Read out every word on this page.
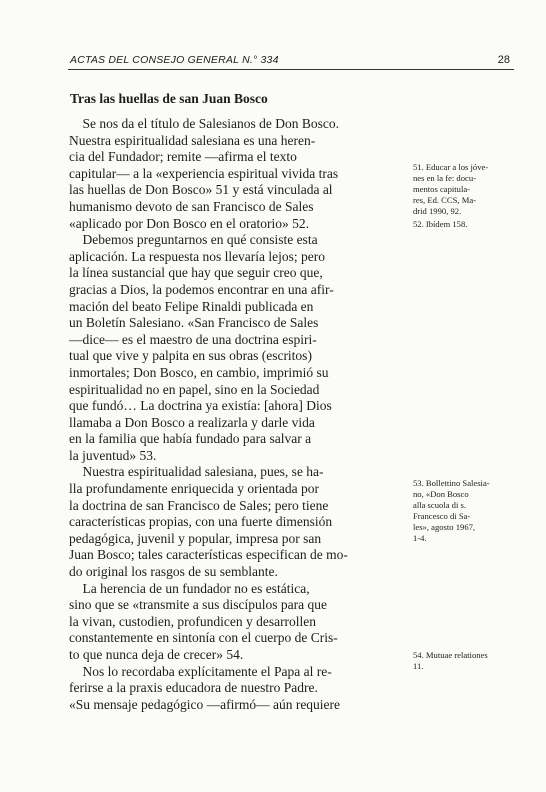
ACTAS DEL CONSEJO GENERAL N.° 334	28
Tras las huellas de san Juan Bosco
Se nos da el título de Salesianos de Don Bosco.
Nuestra espiritualidad salesiana es una heren-
cia del Fundador; remite —afirma el texto
capitular— a la «experiencia espiritual vivida tras
las huellas de Don Bosco» 51 y está vinculada al
humanismo devoto de san Francisco de Sales
«aplicado por Don Bosco en el oratorio» 52.
Debemos preguntarnos en qué consiste esta
aplicación. La respuesta nos llevaría lejos; pero
la línea sustancial que hay que seguir creo que,
gracias a Dios, la podemos encontrar en una afir-
mación del beato Felipe Rinaldi publicada en
un Boletín Salesiano. «San Francisco de Sales
—dice— es el maestro de una doctrina espiri-
tual que vive y palpita en sus obras (escritos)
inmortales; Don Bosco, en cambio, imprimió su
espiritualidad no en papel, sino en la Sociedad
que fundó… La doctrina ya existía: [ahora] Dios
llamaba a Don Bosco a realizarla y darle vida
en la familia que había fundado para salvar a
la juventud» 53.
Nuestra espiritualidad salesiana, pues, se ha-
lla profundamente enriquecida y orientada por
la doctrina de san Francisco de Sales; pero tiene
características propias, con una fuerte dimensión
pedagógica, juvenil y popular, impresa por san
Juan Bosco; tales características especifican de mo-
do original los rasgos de su semblante.
La herencia de un fundador no es estática,
sino que se «transmite a sus discípulos para que
la vivan, custodien, profundicen y desarrollen
constantemente en sintonía con el cuerpo de Cris-
to que nunca deja de crecer» 54.
Nos lo recordaba explícitamente el Papa al re-
ferirse a la praxis educadora de nuestro Padre.
«Su mensaje pedagógico —afirmó— aún requiere
51. Educar a los jóve-
nes en la fe: docu-
mentos capitula-
res, Ed. CCS, Ma-
drid 1990, 92.
52. Ibídem 158.
53. Bollettino Salesia-
no, «Don Bosco
alla scuola di s.
Francesco di Sa-
les», agosto 1967,
1-4.
54. Mutuae relationes
11.
